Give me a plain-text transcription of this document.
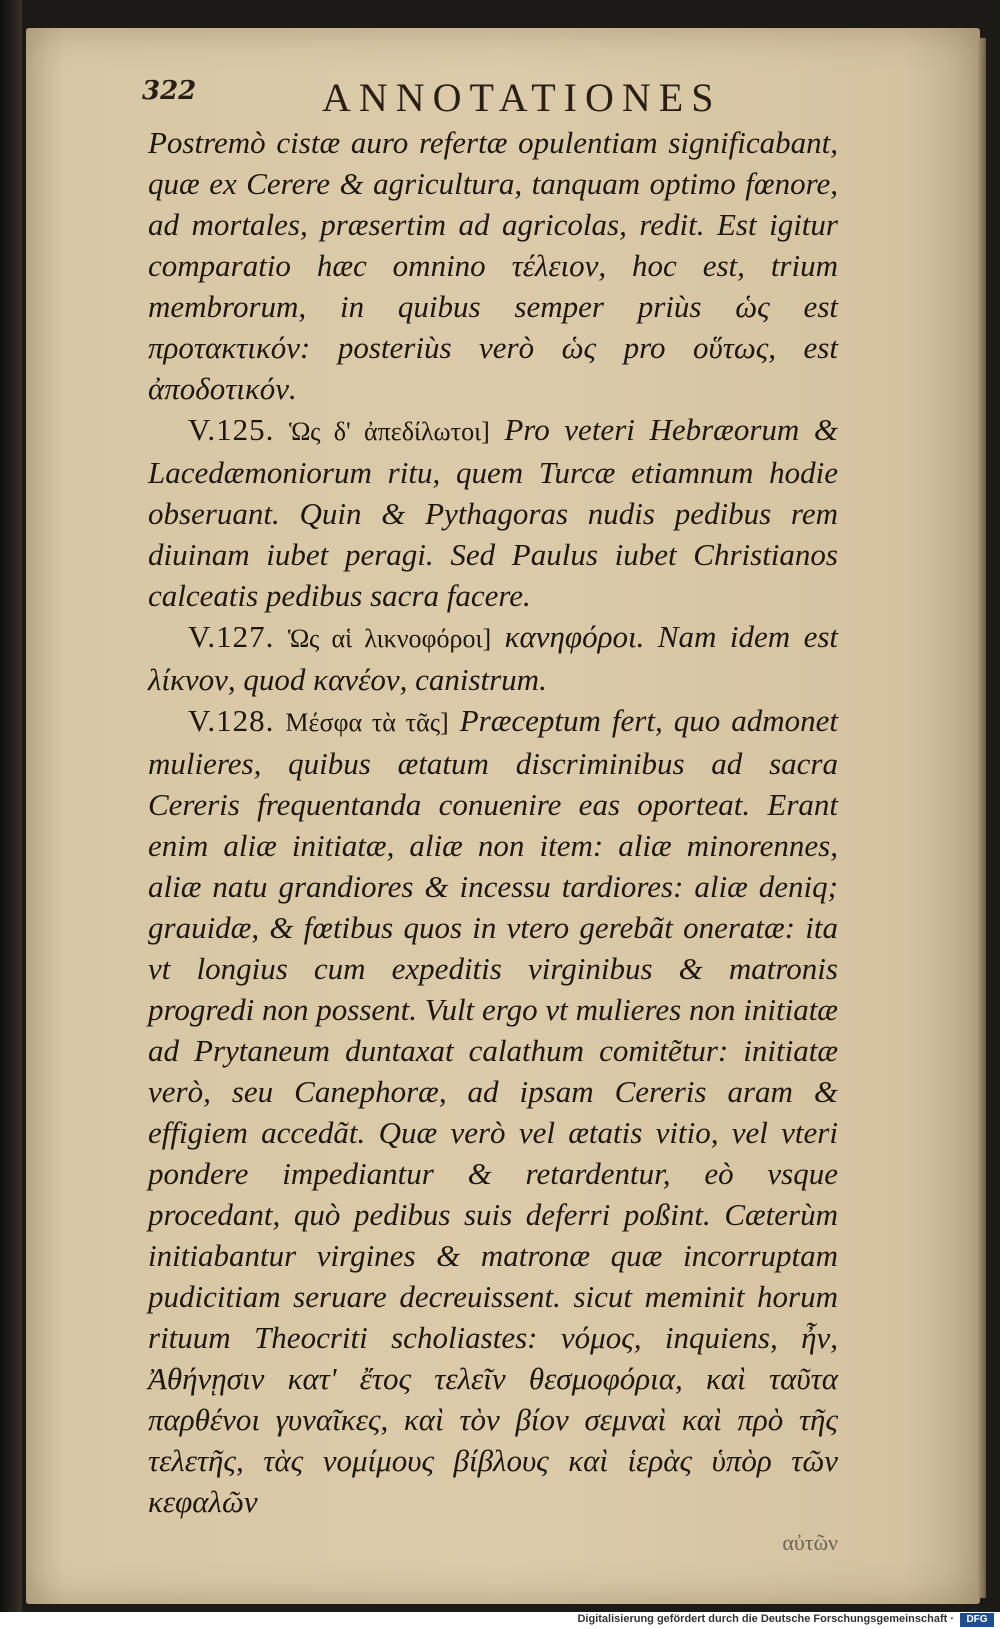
322	ANNOTATIONES

Postremò cistæ auro refertæ opulentiam significabant, quæ ex Cerere & agricultura, tanquam optimo fœnore, ad mortales, præsertim ad agricolas, redit. Est igitur comparatio hæc omnino τέλειον, hoc est, trium membrorum, in quibus semper priùs ὡς est προτακτικόν: posteriùs verò ὡς pro οὕτως, est ἀποδοτικόν.

V.125. Ὡς δ' ἀπεδίλωτοι] Pro veteri Hebræorum & Lacedæmoniorum ritu, quem Turcæ etiamnum hodie obseruant. Quin & Pythagoras nudis pedibus rem diuinam iubet peragi. Sed Paulus iubet Christianos calceatis pedibus sacra facere.

V.127. Ὡς αἱ λικνοφόροι] κανηφόροι. Nam idem est λίκνον, quod κανέον, canistrum.

V.128. Μέσφα τὰ τᾶς] Præceptum fert, quo admonet mulieres, quibus ætatum discriminibus ad sacra Cereris frequentanda conuenire eas oporteat. Erant enim aliæ initiatæ, aliæ non item: aliæ minorennes, aliæ natu grandiores & incessu tardiores: aliæ deniq; grauidæ, & fœtibus quos in vtero gerebãt oneratæ: ita vt longius cum expeditis virginibus & matronis progredi non possent. Vult ergo vt mulieres non initiatæ ad Prytaneum duntaxat calathum comitẽtur: initiatæ verò, seu Canephoræ, ad ipsam Cereris aram & effigiem accedãt. Quæ verò vel ætatis vitio, vel vteri pondere impediantur & retardentur, eò vsque procedant, quò pedibus suis deferri poßint. Cæterùm initiabantur virgines & matronæ quæ incorruptam pudicitiam seruare decreuissent. sicut meminit horum rituum Theocriti scholiastes: νόμος, inquiens, ἦν, Ἀθήνῃσιν κατ' ἔτος τελεῖν θεσμοφόρια, καὶ ταῦτα παρθένοι γυναῖκες, καὶ τὸν βίον σεμναὶ καὶ πρὸ τῆς τελετῆς, τὰς νομίμους βίβλους καὶ ἱερὰς ὑπὸρ τῶν κεφαλῶν

αὐτῶν

Digitalisierung gefördert durch die Deutsche Forschungsgemeinschaft ·	DFG
